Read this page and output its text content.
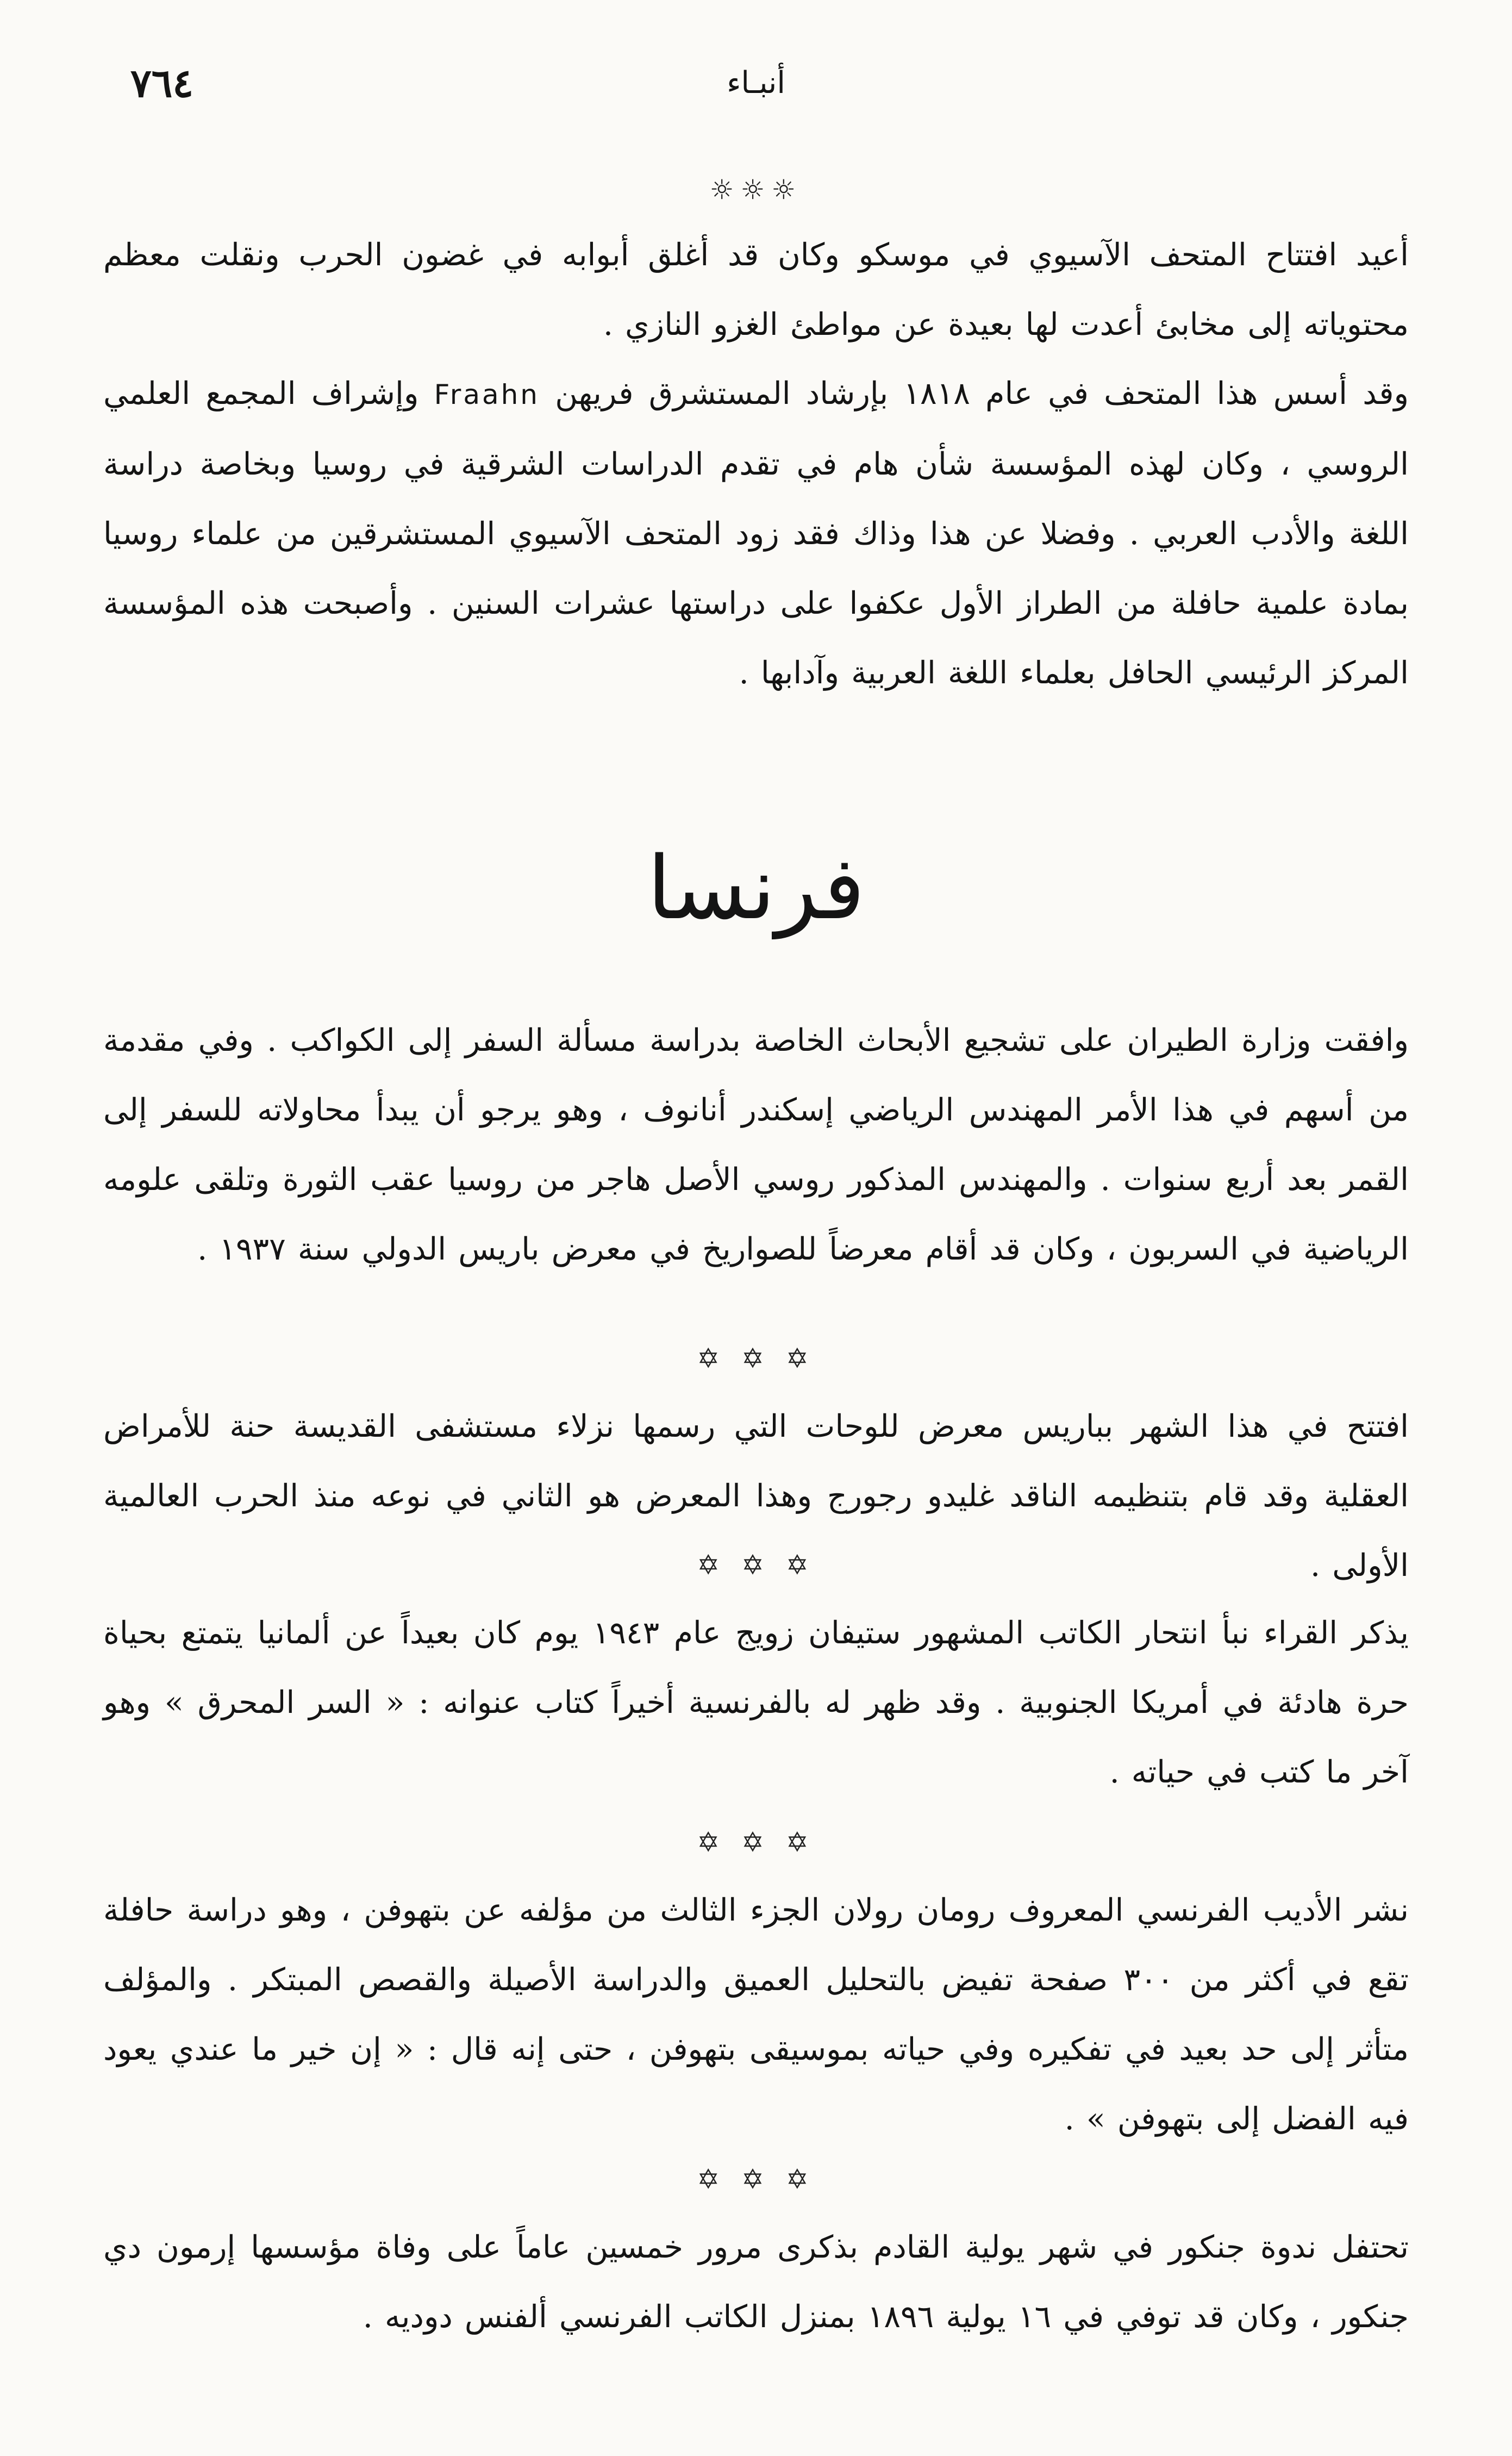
٧٦٤	أنبـاء
☼☼☼

أعيد افتتاح المتحف الآسيوي في موسكو وكان قد أغلق أبوابه في غضون الحرب ونقلت معظم محتوياته إلى مخابئ أعدت لها بعيدة عن مواطئ الغزو النازي .

وقد أسس هذا المتحف في عام ١٨١٨ بإرشاد المستشرق فريهن Fraahn وإشراف المجمع العلمي الروسي ، وكان لهذه المؤسسة شأن هام في تقدم الدراسات الشرقية في روسيا وبخاصة دراسة اللغة والأدب العربي . وفضلا عن هذا وذاك فقد زود المتحف الآسيوي المستشرقين من علماء روسيا بمادة علمية حافلة من الطراز الأول عكفوا على دراستها عشرات السنين . وأصبحت هذه المؤسسة المركز الرئيسي الحافل بعلماء اللغة العربية وآدابها .

فرنسا

وافقت وزارة الطيران على تشجيع الأبحاث الخاصة بدراسة مسألة السفر إلى الكواكب . وفي مقدمة من أسهم في هذا الأمر المهندس الرياضي إسكندر أنانوف ، وهو يرجو أن يبدأ محاولاته للسفر إلى القمر بعد أربع سنوات . والمهندس المذكور روسي الأصل هاجر من روسيا عقب الثورة وتلقى علومه الرياضية في السربون ، وكان قد أقام معرضاً للصواريخ في معرض باريس الدولي سنة ١٩٣٧ .

✡ ✡ ✡

افتتح في هذا الشهر بباريس معرض للوحات التي رسمها نزلاء مستشفى القديسة حنة للأمراض العقلية وقد قام بتنظيمه الناقد غليدو رجورج وهذا المعرض هو الثاني في نوعه منذ الحرب العالمية الأولى .

✡ ✡ ✡

يذكر القراء نبأ انتحار الكاتب المشهور ستيفان زويج عام ١٩٤٣ يوم كان بعيداً عن ألمانيا يتمتع بحياة حرة هادئة في أمريكا الجنوبية . وقد ظهر له بالفرنسية أخيراً كتاب عنوانه : « السر المحرق » وهو آخر ما كتب في حياته .

✡ ✡ ✡

نشر الأديب الفرنسي المعروف رومان رولان الجزء الثالث من مؤلفه عن بتهوفن ، وهو دراسة حافلة تقع في أكثر من ٣٠٠ صفحة تفيض بالتحليل العميق والدراسة الأصيلة والقصص المبتكر . والمؤلف متأثر إلى حد بعيد في تفكيره وفي حياته بموسيقى بتهوفن ، حتى إنه قال : « إن خير ما عندي يعود فيه الفضل إلى بتهوفن » .

✡ ✡ ✡

تحتفل ندوة جنكور في شهر يولية القادم بذكرى مرور خمسين عاماً على وفاة مؤسسها إرمون دي جنكور ، وكان قد توفي في ١٦ يولية ١٨٩٦ بمنزل الكاتب الفرنسي ألفنس دوديه .
